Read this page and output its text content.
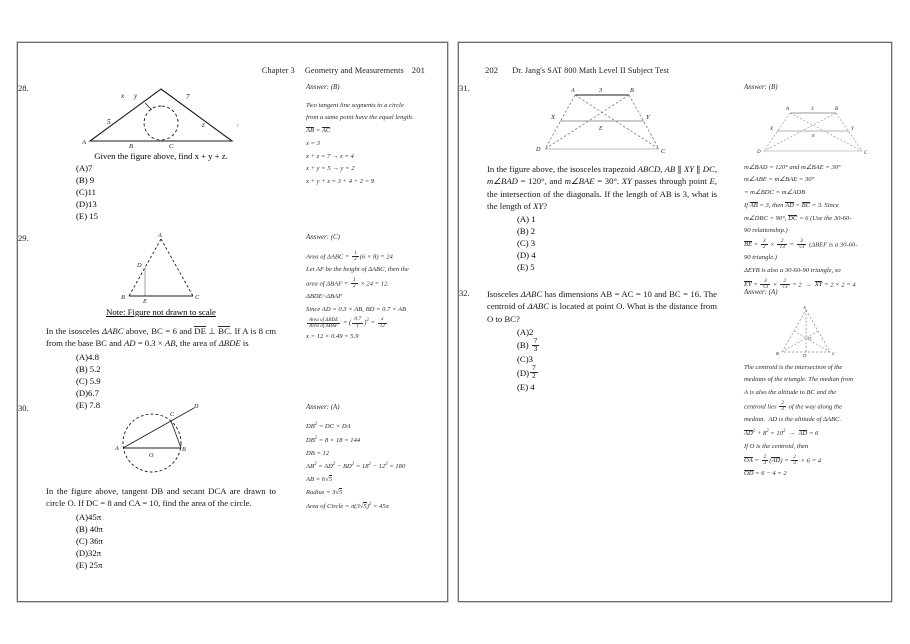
Chapter 3 Geometry and Measurements 201
28.
x y	7
5	z
A
B	C
ʳ
Given the figure above, find x + y + z.
(A)7
(B) 9
(C)11
(D)13
(E) 15
Answer: (B)

Two tangent line segments to a circle

from a same point have the equal length.

AB = AC

x = 3

x + z = 7 → z = 4

x + y = 5 → y = 2

x + y + z = 3 + 4 + 2 = 9

29.	A
D
B
E
C
Note: Figure not drawn to scale
In the isosceles ΔABC above, BC = 6 and DE ⊥ BC. If A is 8 cm from the base BC and AD = 0.3 × AB, the area of ΔBDE is
(A)4.8
(B) 5.2
(C) 5.9
(D)6.7
(E) 7.8
Answer: (C)

Area of $\Delta ABC = \frac{1}{2} (6 \times 8) = 24$

Let AF be the height of ΔABC, then the

area of $\Delta BAF = \frac{1}{2} \times 24 = 12$.

ΔBDE~ΔBAF

Since AD = 0.3 × AB, BD = 0.7 × AB

$\frac{\text{Area of ΔBDE}}{\text{Area of ΔBAF}}$ = ( $\frac{0.7}{1} )^2 = \frac{x}{12}$

x = 12 × 0.49 = 5.9

30.
A
O
C
B
D
In the figure above, tangent DB and secant DCA are drawn to circle O. If DC = 8 and CA = 10, find the area of the circle.
(A)45π
(B) 40π
(C) 36π
(D)32π
(E) 25π
Answer: (A)

$DB^2$ = DC × DA

$DB^2 = 8 \times 18 = 144$

DB = 12

$AB^2 = AD^2 - BD^2 = 18^2 - 12^2 = 180$

AB = 6√5

Radius = 3√5

Area of Circle = $\pi(3√5)^2 = 45\pi$

202 Dr. Jang's SAT 800 Math Level II Subject Test
31.	A	B
3
X	Y
E
D	C
In the figure above, the isosceles trapezoid ABCD, AB ∥ XY ∥ DC, m∠BAD = 120°, and m∠BAE = 30°. XY passes through point E, the intersection of the diagonals. If the length of AB is 3, what is the length of XY?
(A) 1
(B) 2
(C) 3
(D) 4
(E) 5
Answer: (B)
A	B
3
X	Y
E
D	C

m∠BAD = 120° and m∠BAE = 30°

m∠ABE = m∠BAE = 30°

= m∠BDC = m∠ADB

If AB = 3, then AD = BC = 3. Since

m∠DBC = 90°, DC = 6 (Use the 30-60-

90 relationship.)

BE = $\frac{3}{2} \times \frac{2}{√3} = \frac{3}{√3} (\Delta BEF$ is a 30-60-

90 triangle.)

ΔEYB is also a 30-60-90 triangle, so

EY = $\frac{3}{√3} \times \frac{2}{√3} = 2$  →  XY = 2 × 2 = 4

32.	Isosceles ΔABC has dimensions AB = AC = 10 and BC = 16. The centroid of ΔABC is located at point O. What is the distance from O to BC?
(A)2
$(B) \frac{7}{3}$
(C)3
$(D) \frac{7}{2}$
(E) 4
Answer: (A)
A
O
B	D	C

The centroid is the intersection of the

medians of the triangle. The median from

A is also the altitude to BC and the

centroid lies $\frac{2}{3}$ of the way along the

median. AD is the altitude of ΔABC.

$AD^2 + 8^2 = 10^2$  →  AD = 6

If O is the centroid, then

OA = $\frac{2}{3} (AD) = \frac{2}{3} \times 6 = 4$

OD = 6 − 4 = 2
